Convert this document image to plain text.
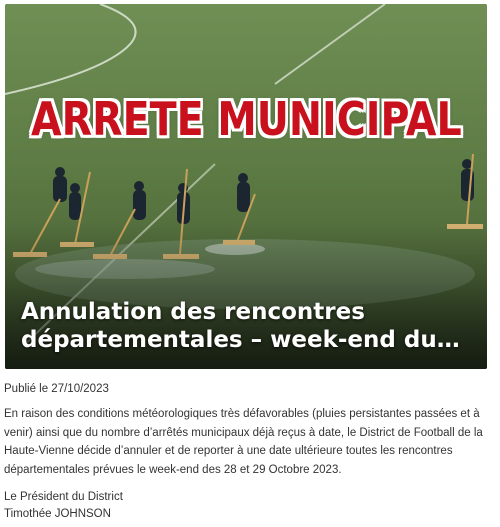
ARRETE MUNICIPAL
Annulation des rencontres départementales – week-end du…
Publié le 27/10/2023

En raison des conditions météorologiques très défavorables (pluies persistantes passées et à venir) ainsi que du nombre d’arrêtés municipaux déjà reçus à date, le District de Football de la Haute-Vienne décide d’annuler et de reporter à une date ultérieure toutes les rencontres départementales prévues le week-end des 28 et 29 Octobre 2023.

Le Président du District
Timothée JOHNSON
